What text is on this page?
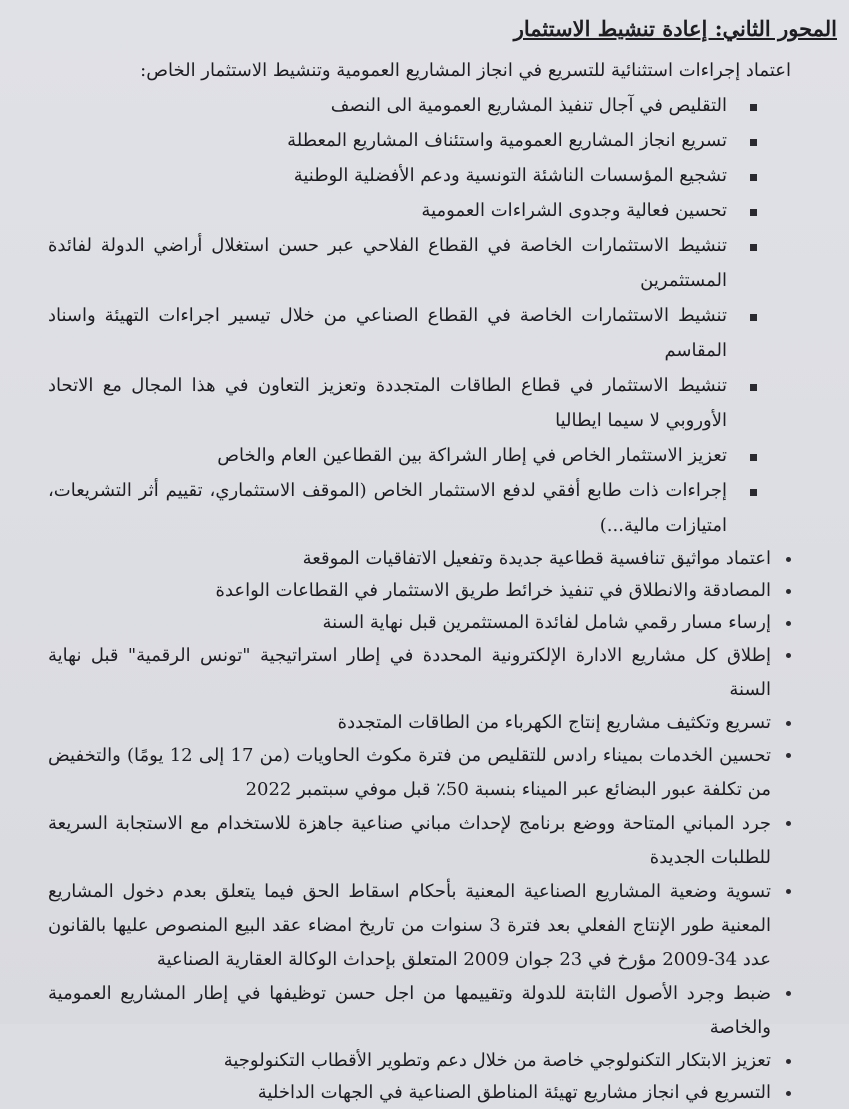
المحور الثاني: إعادة تنشيط الاستثمار
اعتماد إجراءات استثنائية للتسريع في انجاز المشاريع العمومية وتنشيط الاستثمار الخاص:
التقليص في آجال تنفيذ المشاريع العمومية الى النصف
تسريع انجاز المشاريع العمومية واستئناف المشاريع المعطلة
تشجيع المؤسسات الناشئة التونسية ودعم الأفضلية الوطنية
تحسين فعالية وجدوى الشراءات العمومية
تنشيط الاستثمارات الخاصة في القطاع الفلاحي عبر حسن استغلال أراضي الدولة لفائدة المستثمرين
تنشيط الاستثمارات الخاصة في القطاع الصناعي من خلال تيسير اجراءات التهيئة واسناد المقاسم
تنشيط الاستثمار في قطاع الطاقات المتجددة وتعزيز التعاون في هذا المجال مع الاتحاد الأوروبي لا سيما ايطاليا
تعزيز الاستثمار الخاص في إطار الشراكة بين القطاعين العام والخاص
إجراءات ذات طابع أفقي لدفع الاستثمار الخاص (الموقف الاستثماري، تقييم أثر التشريعات، امتيازات مالية...)
اعتماد مواثيق تنافسية قطاعية جديدة وتفعيل الاتفاقيات الموقعة
المصادقة والانطلاق في تنفيذ خرائط طريق الاستثمار في القطاعات الواعدة
إرساء مسار رقمي شامل لفائدة المستثمرين قبل نهاية السنة
إطلاق كل مشاريع الادارة الإلكترونية المحددة في إطار استراتيجية "تونس الرقمية" قبل نهاية السنة
تسريع وتكثيف مشاريع إنتاج الكهرباء من الطاقات المتجددة
تحسين الخدمات بميناء رادس للتقليص من فترة مكوث الحاويات (من 17 إلى 12 يومًا) والتخفيض من تكلفة عبور البضائع عبر الميناء بنسبة 50٪ قبل موفي سبتمبر 2022
جرد المباني المتاحة ووضع برنامج لإحداث مباني صناعية جاهزة للاستخدام مع الاستجابة السريعة للطلبات الجديدة
تسوية وضعية المشاريع الصناعية المعنية بأحكام اسقاط الحق فيما يتعلق بعدم دخول المشاريع المعنية طور الإنتاج الفعلي بعد فترة 3 سنوات من تاريخ امضاء عقد البيع المنصوص عليها بالقانون عدد 34-2009 مؤرخ في 23 جوان 2009 المتعلق بإحداث الوكالة العقارية الصناعية
ضبط وجرد الأصول الثابتة للدولة وتقييمها من اجل حسن توظيفها في إطار المشاريع العمومية والخاصة
تعزيز الابتكار التكنولوجي خاصة من خلال دعم وتطوير الأقطاب التكنولوجية
التسريع في انجاز مشاريع تهيئة المناطق الصناعية في الجهات الداخلية
